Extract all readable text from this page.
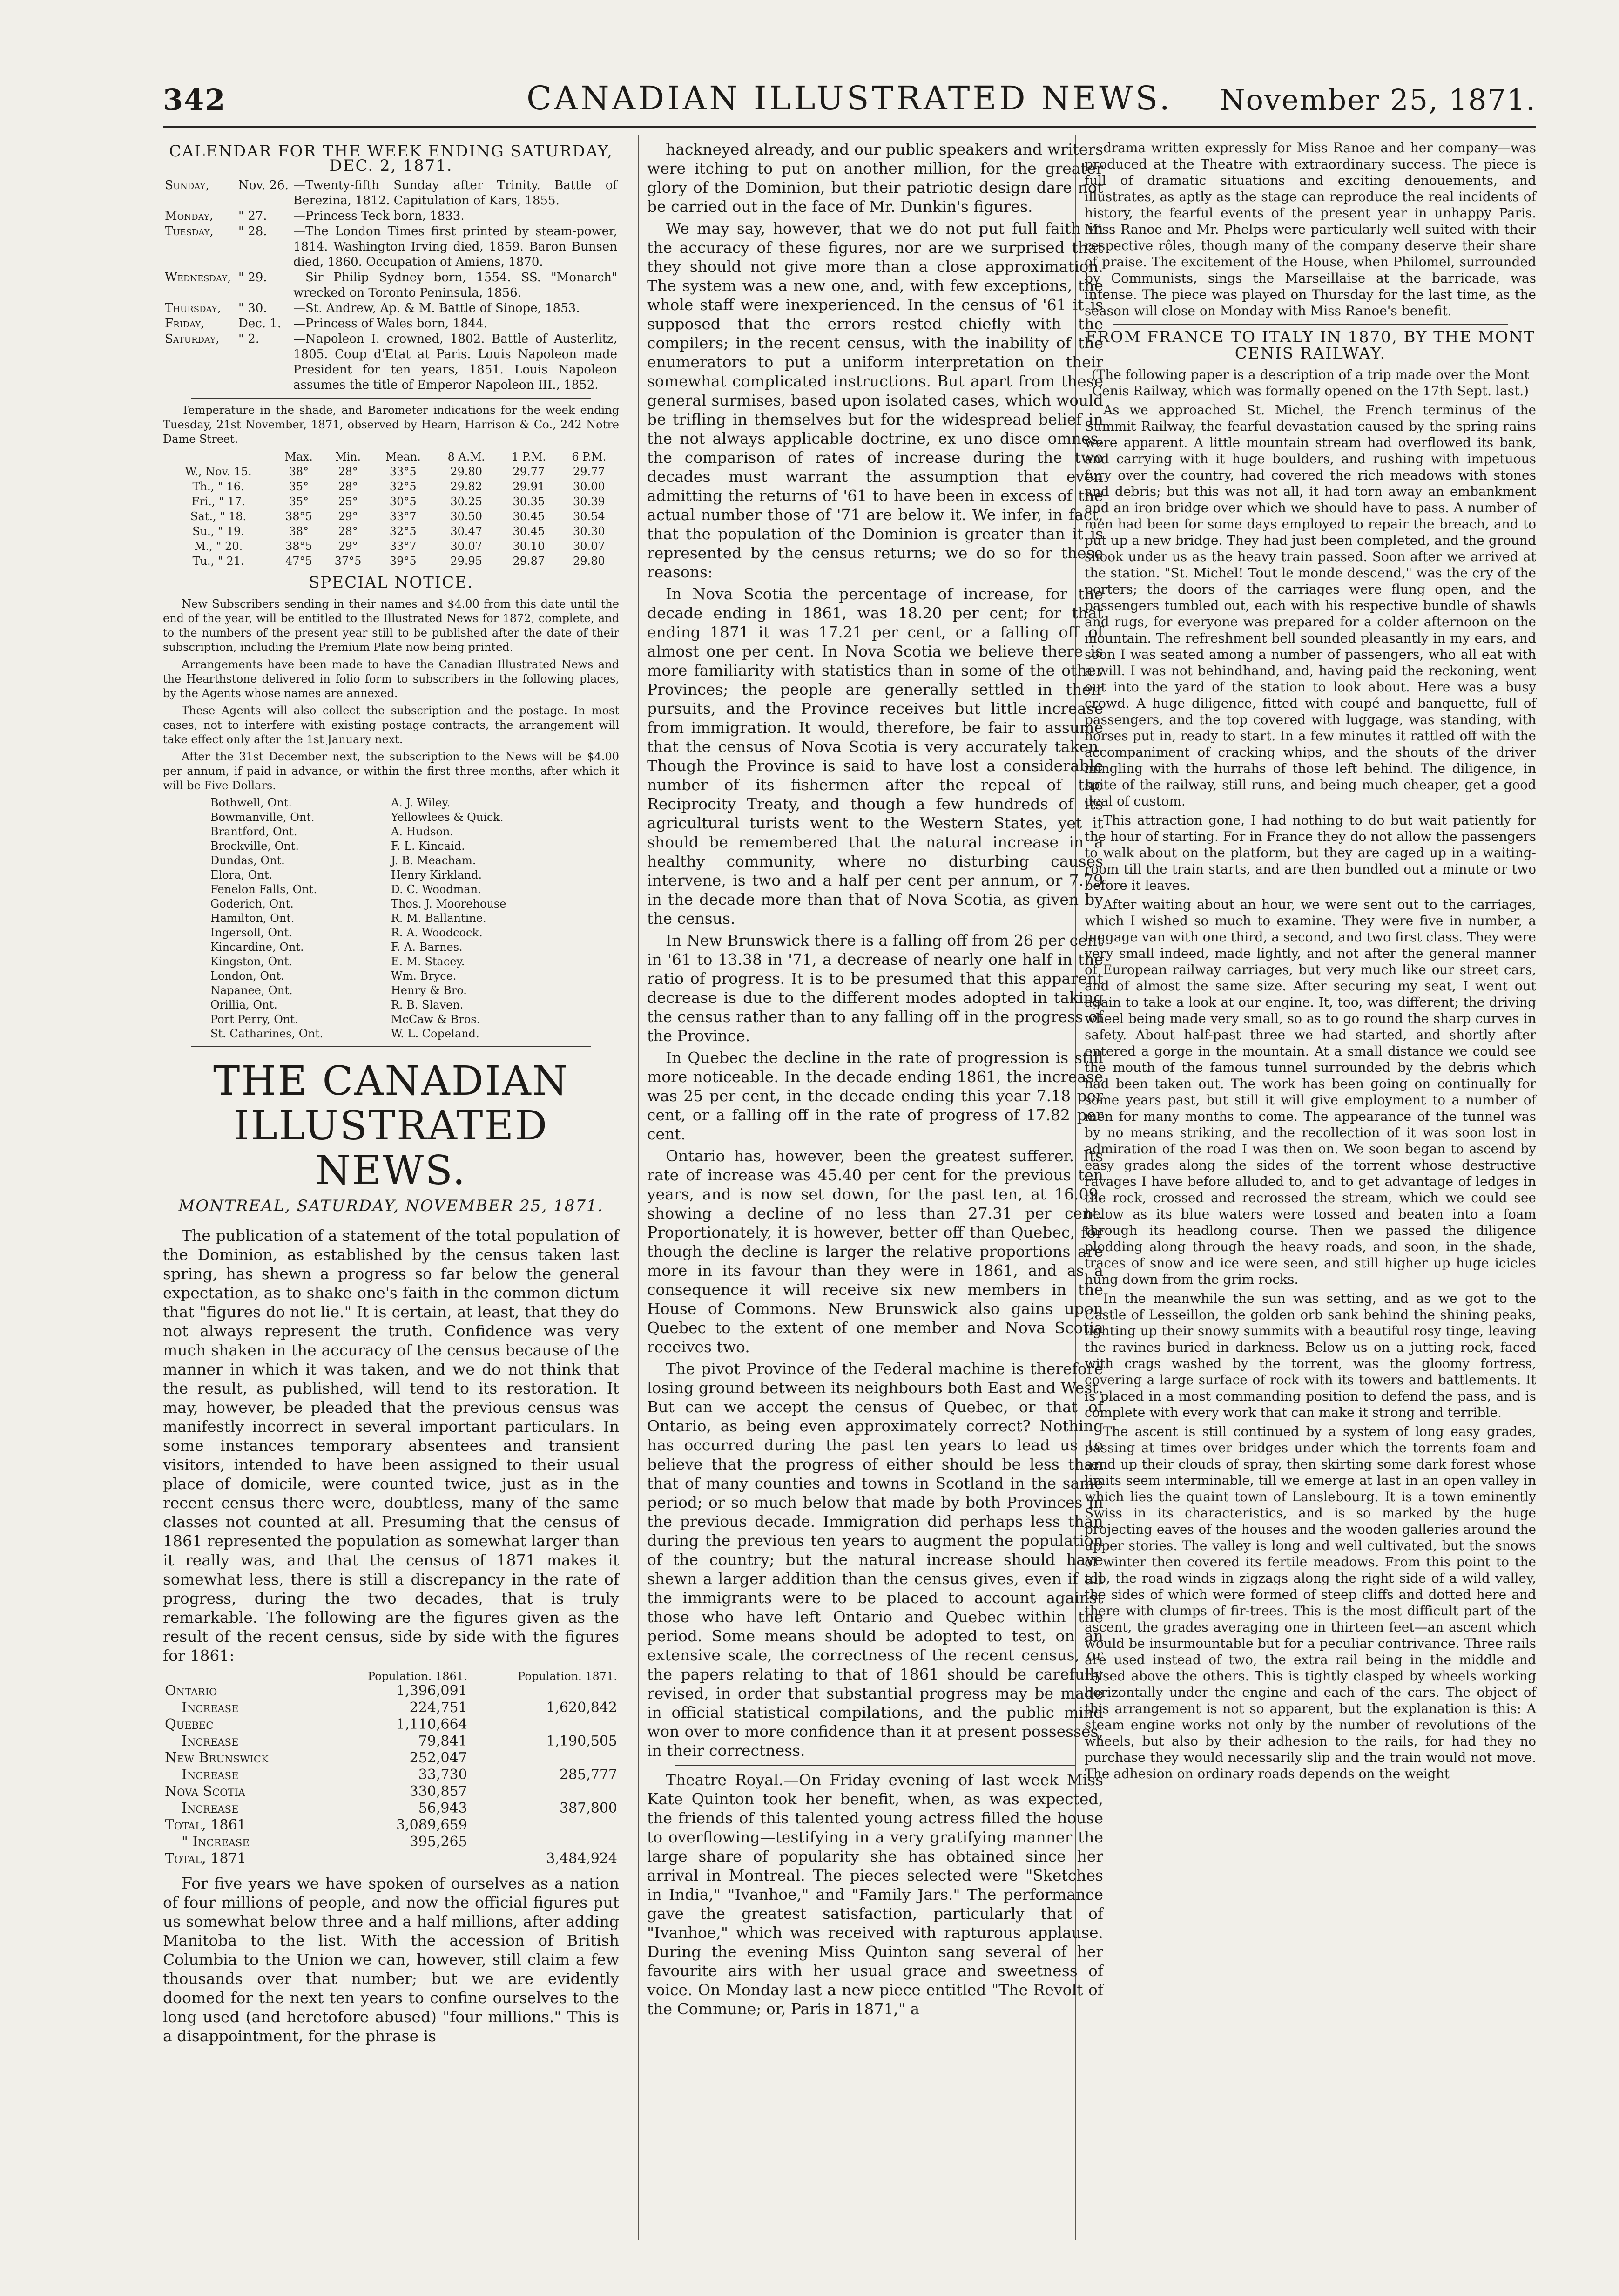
342	CANADIAN ILLUSTRATED NEWS.	November 25, 1871.
CALENDAR FOR THE WEEK ENDING SATURDAY, DEC. 2, 1871.
Sunday,	Nov. 26.	—Twenty-fifth Sunday after Trinity. Battle of Berezina, 1812. Capitulation of Kars, 1855.
Monday,	" 27.	—Princess Teck born, 1833.
Tuesday,	" 28.	—The London Times first printed by steam-power, 1814. Washington Irving died, 1859. Baron Bunsen died, 1860. Occupation of Amiens, 1870.
Wednesday,	" 29.	—Sir Philip Sydney born, 1554. SS. "Monarch" wrecked on Toronto Peninsula, 1856.
Thursday,	" 30.	—St. Andrew, Ap. & M. Battle of Sinope, 1853.
Friday,	Dec. 1.	—Princess of Wales born, 1844.
Saturday,	" 2.	—Napoleon I. crowned, 1802. Battle of Austerlitz, 1805. Coup d'Etat at Paris. Louis Napoleon made President for ten years, 1851. Louis Napoleon assumes the title of Emperor Napoleon III., 1852.

Temperature in the shade, and Barometer indications for the week ending Tuesday, 21st November, 1871, observed by Hearn, Harrison & Co., 242 Notre Dame Street.

	Max.	Min.	Mean.	8 A.M.	1 P.M.	6 P.M.
W., Nov. 15.	38°	28°	33°5	29.80	29.77	29.77
Th., " 16.	35°	28°	32°5	29.82	29.91	30.00
Fri., " 17.	35°	25°	30°5	30.25	30.35	30.39
Sat., " 18.	38°5	29°	33°7	30.50	30.45	30.54
Su., " 19.	38°	28°	32°5	30.47	30.45	30.30
M., " 20.	38°5	29°	33°7	30.07	30.10	30.07
Tu., " 21.	47°5	37°5	39°5	29.95	29.87	29.80
SPECIAL NOTICE.

New Subscribers sending in their names and $4.00 from this date until the end of the year, will be entitled to the Illustrated News for 1872, complete, and to the numbers of the present year still to be published after the date of their subscription, including the Premium Plate now being printed.

Arrangements have been made to have the Canadian Illustrated News and the Hearthstone delivered in folio form to subscribers in the following places, by the Agents whose names are annexed.

These Agents will also collect the subscription and the postage. In most cases, not to interfere with existing postage contracts, the arrangement will take effect only after the 1st January next.

After the 31st December next, the subscription to the News will be $4.00 per annum, if paid in advance, or within the first three months, after which it will be Five Dollars.

Bothwell, Ont.	A. J. Wiley.
Bowmanville, Ont.	Yellowlees & Quick.
Brantford, Ont.	A. Hudson.
Brockville, Ont.	F. L. Kincaid.
Dundas, Ont.	J. B. Meacham.
Elora, Ont.	Henry Kirkland.
Fenelon Falls, Ont.	D. C. Woodman.
Goderich, Ont.	Thos. J. Moorehouse
Hamilton, Ont.	R. M. Ballantine.
Ingersoll, Ont.	R. A. Woodcock.
Kincardine, Ont.	F. A. Barnes.
Kingston, Ont.	E. M. Stacey.
London, Ont.	Wm. Bryce.
Napanee, Ont.	Henry & Bro.
Orillia, Ont.	R. B. Slaven.
Port Perry, Ont.	McCaw & Bros.
St. Catharines, Ont.	W. L. Copeland.
THE CANADIAN ILLUSTRATED NEWS.
MONTREAL, SATURDAY, NOVEMBER 25, 1871.

The publication of a statement of the total population of the Dominion, as established by the census taken last spring, has shewn a progress so far below the general expectation, as to shake one's faith in the common dictum that "figures do not lie." It is certain, at least, that they do not always represent the truth. Confidence was very much shaken in the accuracy of the census because of the manner in which it was taken, and we do not think that the result, as published, will tend to its restoration. It may, however, be pleaded that the previous census was manifestly incorrect in several important particulars. In some instances temporary absentees and transient visitors, intended to have been assigned to their usual place of domicile, were counted twice, just as in the recent census there were, doubtless, many of the same classes not counted at all. Presuming that the census of 1861 represented the population as somewhat larger than it really was, and that the census of 1871 makes it somewhat less, there is still a discrepancy in the rate of progress, during the two decades, that is truly remarkable. The following are the figures given as the result of the recent census, side by side with the figures for 1861:

	Population. 1861.	Population. 1871.
Ontario	1,396,091	
Increase	224,751	1,620,842
Quebec	1,110,664	
Increase	79,841	1,190,505
New Brunswick	252,047	
Increase	33,730	285,777
Nova Scotia	330,857	
Increase	56,943	387,800
Total, 1861	3,089,659	
" Increase	395,265	
Total, 1871		3,484,924

For five years we have spoken of ourselves as a nation of four millions of people, and now the official figures put us somewhat below three and a half millions, after adding Manitoba to the list. With the accession of British Columbia to the Union we can, however, still claim a few thousands over that number; but we are evidently doomed for the next ten years to confine ourselves to the long used (and heretofore abused) "four millions." This is a disappointment, for the phrase is

hackneyed already, and our public speakers and writers were itching to put on another million, for the greater glory of the Dominion, but their patriotic design dare not be carried out in the face of Mr. Dunkin's figures.

We may say, however, that we do not put full faith in the accuracy of these figures, nor are we surprised that they should not give more than a close approximation. The system was a new one, and, with few exceptions, the whole staff were inexperienced. In the census of '61 it is supposed that the errors rested chiefly with the compilers; in the recent census, with the inability of the enumerators to put a uniform interpretation on their somewhat complicated instructions. But apart from these general surmises, based upon isolated cases, which would be trifling in themselves but for the widespread belief in the not always applicable doctrine, ex uno disce omnes, the comparison of rates of increase during the two decades must warrant the assumption that even admitting the returns of '61 to have been in excess of the actual number those of '71 are below it. We infer, in fact, that the population of the Dominion is greater than it is represented by the census returns; we do so for these reasons:

In Nova Scotia the percentage of increase, for the decade ending in 1861, was 18.20 per cent; for that ending 1871 it was 17.21 per cent, or a falling off of almost one per cent. In Nova Scotia we believe there is more familiarity with statistics than in some of the other Provinces; the people are generally settled in their pursuits, and the Province receives but little increase from immigration. It would, therefore, be fair to assume that the census of Nova Scotia is very accurately taken. Though the Province is said to have lost a considerable number of its fishermen after the repeal of the Reciprocity Treaty, and though a few hundreds of its agricultural turists went to the Western States, yet it should be remembered that the natural increase in a healthy community, where no disturbing causes intervene, is two and a half per cent per annum, or 7.79 in the decade more than that of Nova Scotia, as given by the census.

In New Brunswick there is a falling off from 26 per cent in '61 to 13.38 in '71, a decrease of nearly one half in the ratio of progress. It is to be presumed that this apparent decrease is due to the different modes adopted in taking the census rather than to any falling off in the progress of the Province.

In Quebec the decline in the rate of progression is still more noticeable. In the decade ending 1861, the increase was 25 per cent, in the decade ending this year 7.18 per cent, or a falling off in the rate of progress of 17.82 per cent.

Ontario has, however, been the greatest sufferer. Its rate of increase was 45.40 per cent for the previous ten years, and is now set down, for the past ten, at 16.09, showing a decline of no less than 27.31 per cent. Proportionately, it is however, better off than Quebec, for though the decline is larger the relative proportions are more in its favour than they were in 1861, and as a consequence it will receive six new members in the House of Commons. New Brunswick also gains upon Quebec to the extent of one member and Nova Scotia receives two.

The pivot Province of the Federal machine is therefore losing ground between its neighbours both East and West. But can we accept the census of Quebec, or that of Ontario, as being even approximately correct? Nothing has occurred during the past ten years to lead us to believe that the progress of either should be less than that of many counties and towns in Scotland in the same period; or so much below that made by both Provinces in the previous decade. Immigration did perhaps less than during the previous ten years to augment the population of the country; but the natural increase should have shewn a larger addition than the census gives, even if all the immigrants were to be placed to account against those who have left Ontario and Quebec within the period. Some means should be adopted to test, on an extensive scale, the correctness of the recent census, or the papers relating to that of 1861 should be carefully revised, in order that substantial progress may be made in official statistical compilations, and the public mind won over to more confidence than it at present possesses, in their correctness.

Theatre Royal.—On Friday evening of last week Miss Kate Quinton took her benefit, when, as was expected, the friends of this talented young actress filled the house to overflowing—testifying in a very gratifying manner the large share of popularity she has obtained since her arrival in Montreal. The pieces selected were "Sketches in India," "Ivanhoe," and "Family Jars." The performance gave the greatest satisfaction, particularly that of "Ivanhoe," which was received with rapturous applause. During the evening Miss Quinton sang several of her favourite airs with her usual grace and sweetness of voice. On Monday last a new piece entitled "The Revolt of the Commune; or, Paris in 1871," a

drama written expressly for Miss Ranoe and her company—was produced at the Theatre with extraordinary success. The piece is full of dramatic situations and exciting denouements, and illustrates, as aptly as the stage can reproduce the real incidents of history, the fearful events of the present year in unhappy Paris. Miss Ranoe and Mr. Phelps were particularly well suited with their respective rôles, though many of the company deserve their share of praise. The excitement of the House, when Philomel, surrounded by Communists, sings the Marseillaise at the barricade, was intense. The piece was played on Thursday for the last time, as the season will close on Monday with Miss Ranoe's benefit.

FROM FRANCE TO ITALY IN 1870, BY THE MONT CENIS RAILWAY.

(The following paper is a description of a trip made over the Mont Cenis Railway, which was formally opened on the 17th Sept. last.)

As we approached St. Michel, the French terminus of the Summit Railway, the fearful devastation caused by the spring rains were apparent. A little mountain stream had overflowed its bank, and carrying with it huge boulders, and rushing with impetuous fury over the country, had covered the rich meadows with stones and debris; but this was not all, it had torn away an embankment and an iron bridge over which we should have to pass. A number of men had been for some days employed to repair the breach, and to put up a new bridge. They had just been completed, and the ground shook under us as the heavy train passed. Soon after we arrived at the station. "St. Michel! Tout le monde descend," was the cry of the porters; the doors of the carriages were flung open, and the passengers tumbled out, each with his respective bundle of shawls and rugs, for everyone was prepared for a colder afternoon on the mountain. The refreshment bell sounded pleasantly in my ears, and soon I was seated among a number of passengers, who all eat with a will. I was not behindhand, and, having paid the reckoning, went out into the yard of the station to look about. Here was a busy crowd. A huge diligence, fitted with coupé and banquette, full of passengers, and the top covered with luggage, was standing, with horses put in, ready to start. In a few minutes it rattled off with the accompaniment of cracking whips, and the shouts of the driver mingling with the hurrahs of those left behind. The diligence, in spite of the railway, still runs, and being much cheaper, get a good deal of custom.

This attraction gone, I had nothing to do but wait patiently for the hour of starting. For in France they do not allow the passengers to walk about on the platform, but they are caged up in a waiting-room till the train starts, and are then bundled out a minute or two before it leaves.

After waiting about an hour, we were sent out to the carriages, which I wished so much to examine. They were five in number, a luggage van with one third, a second, and two first class. They were very small indeed, made lightly, and not after the general manner of European railway carriages, but very much like our street cars, and of almost the same size. After securing my seat, I went out again to take a look at our engine. It, too, was different; the driving wheel being made very small, so as to go round the sharp curves in safety. About half-past three we had started, and shortly after entered a gorge in the mountain. At a small distance we could see the mouth of the famous tunnel surrounded by the debris which had been taken out. The work has been going on continually for some years past, but still it will give employment to a number of men for many months to come. The appearance of the tunnel was by no means striking, and the recollection of it was soon lost in admiration of the road I was then on. We soon began to ascend by easy grades along the sides of the torrent whose destructive ravages I have before alluded to, and to get advantage of ledges in the rock, crossed and recrossed the stream, which we could see below as its blue waters were tossed and beaten into a foam through its headlong course. Then we passed the diligence plodding along through the heavy roads, and soon, in the shade, traces of snow and ice were seen, and still higher up huge icicles hung down from the grim rocks.

In the meanwhile the sun was setting, and as we got to the Castle of Lesseillon, the golden orb sank behind the shining peaks, lighting up their snowy summits with a beautiful rosy tinge, leaving the ravines buried in darkness. Below us on a jutting rock, faced with crags washed by the torrent, was the gloomy fortress, covering a large surface of rock with its towers and battlements. It is placed in a most commanding position to defend the pass, and is complete with every work that can make it strong and terrible.

The ascent is still continued by a system of long easy grades, passing at times over bridges under which the torrents foam and send up their clouds of spray, then skirting some dark forest whose limits seem interminable, till we emerge at last in an open valley in which lies the quaint town of Lanslebourg. It is a town eminently Swiss in its characteristics, and is so marked by the huge projecting eaves of the houses and the wooden galleries around the upper stories. The valley is long and well cultivated, but the snows of winter then covered its fertile meadows. From this point to the top, the road winds in zigzags along the right side of a wild valley, the sides of which were formed of steep cliffs and dotted here and there with clumps of fir-trees. This is the most difficult part of the ascent, the grades averaging one in thirteen feet—an ascent which would be insurmountable but for a peculiar contrivance. Three rails are used instead of two, the extra rail being in the middle and raised above the others. This is tightly clasped by wheels working horizontally under the engine and each of the cars. The object of this arrangement is not so apparent, but the explanation is this: A steam engine works not only by the number of revolutions of the wheels, but also by their adhesion to the rails, for had they no purchase they would necessarily slip and the train would not move. The adhesion on ordinary roads depends on the weight
